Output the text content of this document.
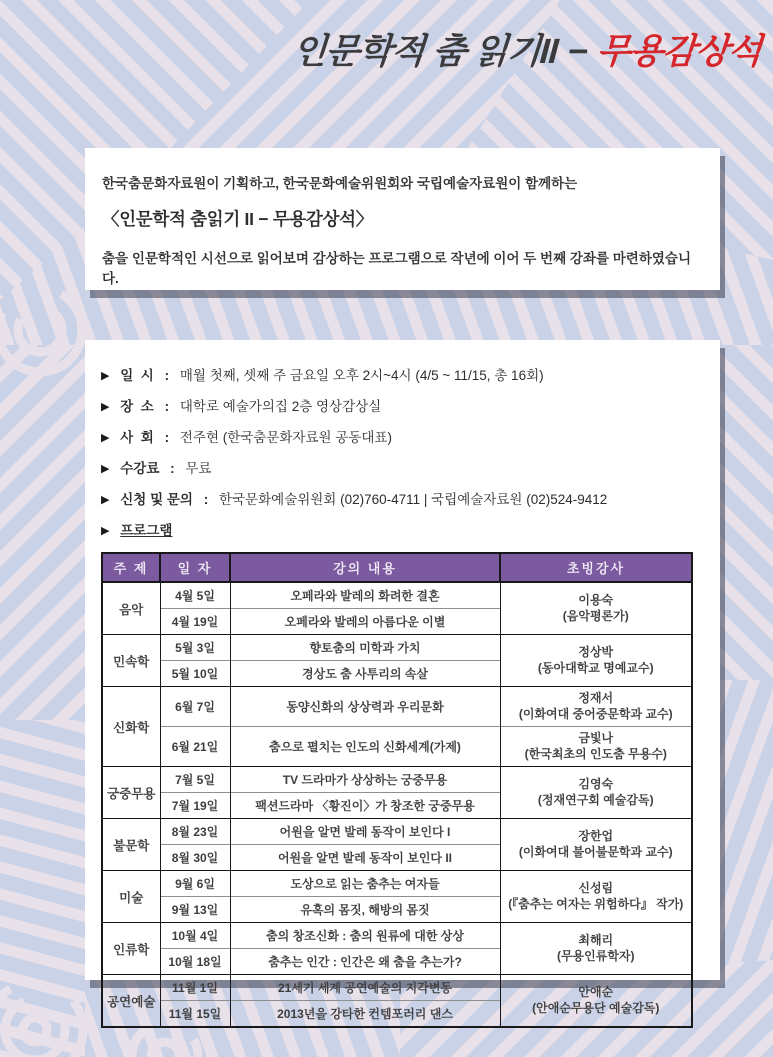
인문학적 춤 읽기II − 무용감상석

한국춤문화자료원이 기획하고, 한국문화예술위원회와 국립예술자료원이 함께하는

〈인문학적 춤읽기 II − 무용감상석〉

춤을 인문학적인 시선으로 읽어보며 감상하는 프로그램으로 작년에 이어 두 번째 강좌를 마련하였습니다.

▶ 일  시 : 매월 첫째, 셋째 주 금요일 오후 2시~4시 (4/5 ~ 11/15, 총 16회)
▶ 장  소 : 대학로 예술가의집 2층 영상감상실
▶ 사  회 : 전주현 (한국춤문화자료원 공동대표)
▶ 수강료 : 무료
▶ 신청 및 문의 : 한국문화예술위원회 (02)760-4711 | 국립예술자료원 (02)524-9412
▶ 프로그램
주 제	일 자	강의 내용	초빙강사
음악	4월 5일	오페라와 발레의 화려한 결혼	이용숙
(음악평론가)

	4월 19일	오페라와 발레의 아름다운 이별	
민속학	5월 3일	향토춤의 미학과 가치	정상박
(동아대학교 명예교수)

	5월 10일	경상도 춤 사투리의 속살	
신화학	6월 7일	동양신화의 상상력과 우리문화	정재서
(이화여대 중어중문학과 교수)

	6월 21일	춤으로 펼치는 인도의 신화세계(가제)	금빛나
(한국최초의 인도춤 무용수)

궁중무용	7월 5일	TV 드라마가 상상하는 궁중무용	김영숙
(정재연구회 예술감독)

	7월 19일	팩션드라마 〈황진이〉가 창조한 궁중무용	
불문학	8월 23일	어원을 알면 발레 동작이 보인다 I	장한업
(이화여대 불어불문학과 교수)

	8월 30일	어원을 알면 발레 동작이 보인다 II	
미술	9월 6일	도상으로 읽는 춤추는 여자들	신성림
(『춤추는 여자는 위험하다』 작가)

	9월 13일	유혹의 몸짓, 해방의 몸짓	
인류학	10월 4일	춤의 창조신화 : 춤의 원류에 대한 상상	최해리
(무용인류학자)

	10월 18일	춤추는 인간 : 인간은 왜 춤을 추는가?	
공연예술	11월 1일	21세기 세계 공연예술의 지각변동	안애순
(안애순무용단 예술감독)

	11월 15일	2013년을 강타한 컨템포러리 댄스	
